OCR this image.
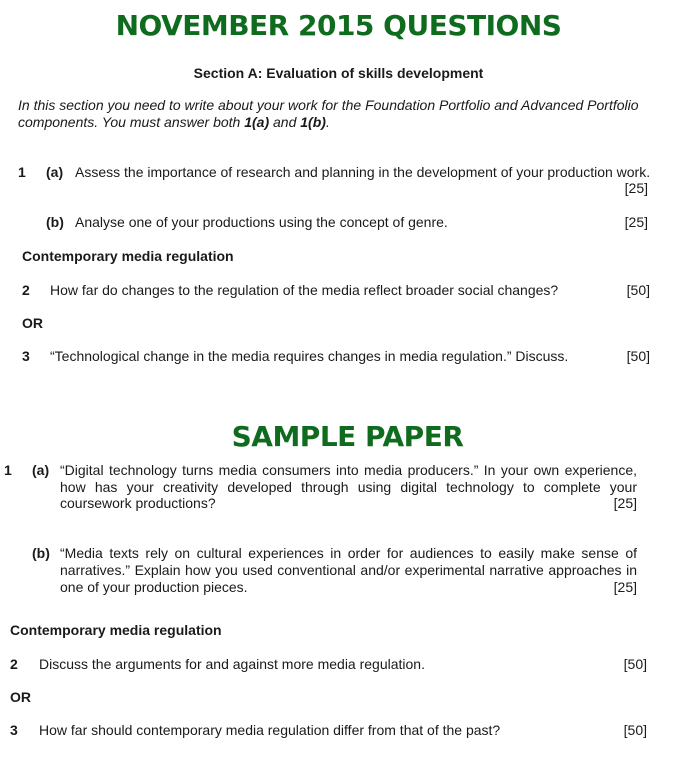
NOVEMBER 2015 QUESTIONS
Section A: Evaluation of skills development
In this section you need to write about your work for the Foundation Portfolio and Advanced Portfolio
components. You must answer both 1(a) and 1(b).
1 (a) Assess the importance of research and planning in the development of your production work.
[25]
(b) Analyse one of your productions using the concept of genre.	[25]
Contemporary media regulation
2 How far do changes to the regulation of the media reflect broader social changes?	[50]
OR
3 “Technological change in the media requires changes in media regulation.” Discuss.	[50]
SAMPLE PAPER
1 (a) “Digital technology turns media consumers into media producers.” In your own experience,
how has your creativity developed through using digital technology to complete your
coursework productions?	[25]
(b) “Media texts rely on cultural experiences in order for audiences to easily make sense of
narratives.” Explain how you used conventional and/or experimental narrative approaches in
one of your production pieces.	[25]
Contemporary media regulation
2 Discuss the arguments for and against more media regulation.	[50]
OR
3 How far should contemporary media regulation differ from that of the past?	[50]
